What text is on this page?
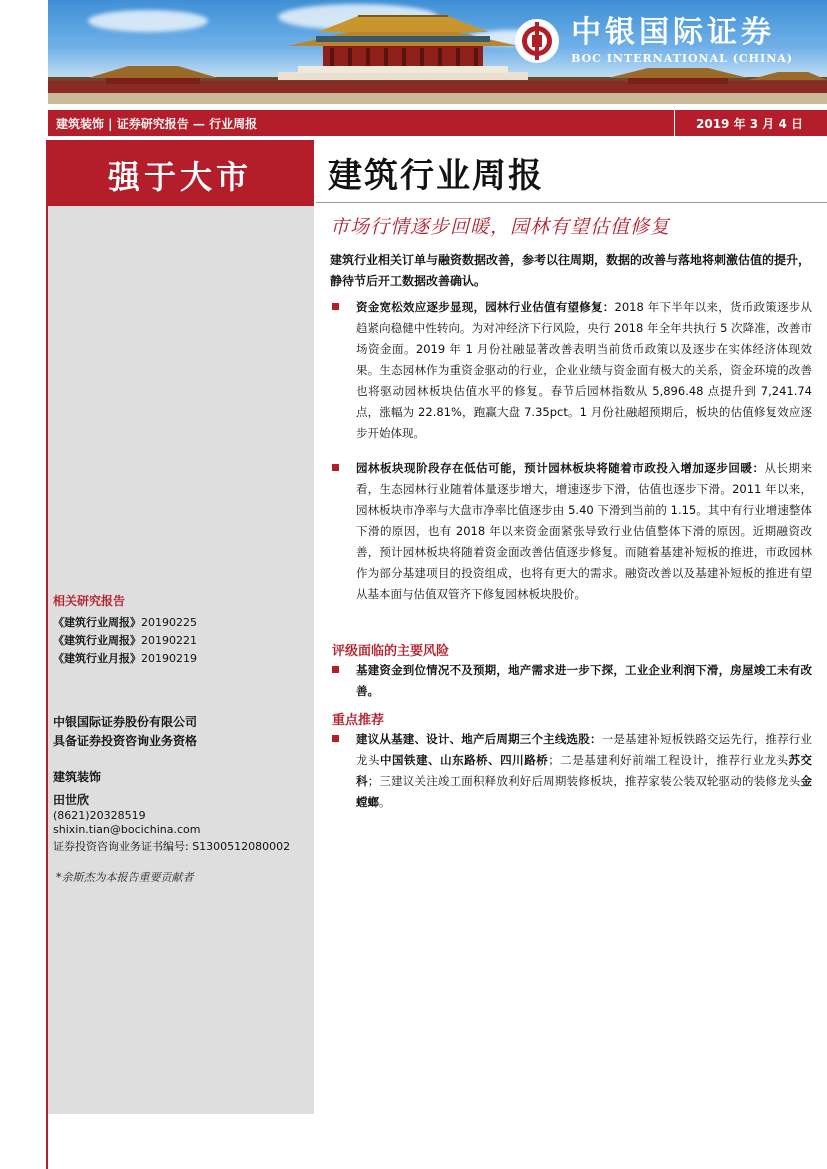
中银国际证券
BOC INTERNATIONAL (CHINA)
建筑装饰 | 证券研究报告 — 行业周报	2019 年 3 月 4 日
强于大市
相关研究报告
《建筑行业周报》20190225
《建筑行业周报》20190221
《建筑行业月报》20190219
中银国际证券股份有限公司
具备证券投资咨询业务资格
建筑装饰
田世欣
(8621)20328519
shixin.tian@bocichina.com
证券投资咨询业务证书编号: S1300512080002
*余斯杰为本报告重要贡献者
建筑行业周报
市场行情逐步回暖，园林有望估值修复
建筑行业相关订单与融资数据改善，参考以往周期，数据的改善与落地将刺激估值的提升，静待节后开工数据改善确认。
资金宽松效应逐步显现，园林行业估值有望修复：2018 年下半年以来，货币政策逐步从趋紧向稳健中性转向。为对冲经济下行风险，央行 2018 年全年共执行 5 次降准，改善市场资金面。2019 年 1 月份社融显著改善表明当前货币政策以及逐步在实体经济体现效果。生态园林作为重资金驱动的行业，企业业绩与资金面有极大的关系，资金环境的改善也将驱动园林板块估值水平的修复。春节后园林指数从 5,896.48 点提升到 7,241.74 点，涨幅为 22.81%，跑赢大盘 7.35pct。1 月份社融超预期后，板块的估值修复效应逐步开始体现。
园林板块现阶段存在低估可能，预计园林板块将随着市政投入增加逐步回暖：从长期来看，生态园林行业随着体量逐步增大，增速逐步下滑，估值也逐步下滑。2011 年以来，园林板块市净率与大盘市净率比值逐步由 5.40 下滑到当前的 1.15。其中有行业增速整体下滑的原因，也有 2018 年以来资金面紧张导致行业估值整体下滑的原因。近期融资改善，预计园林板块将随着资金面改善估值逐步修复。而随着基建补短板的推进，市政园林作为部分基建项目的投资组成，也将有更大的需求。融资改善以及基建补短板的推进有望从基本面与估值双管齐下修复园林板块股价。
评级面临的主要风险
基建资金到位情况不及预期，地产需求进一步下探，工业企业利润下滑，房屋竣工未有改善。
重点推荐
建议从基建、设计、地产后周期三个主线选股：一是基建补短板铁路交运先行，推荐行业龙头中国铁建、山东路桥、四川路桥；二是基建利好前端工程设计，推荐行业龙头苏交科；三建议关注竣工面积释放利好后周期装修板块，推荐家装公装双轮驱动的装修龙头金螳螂。
